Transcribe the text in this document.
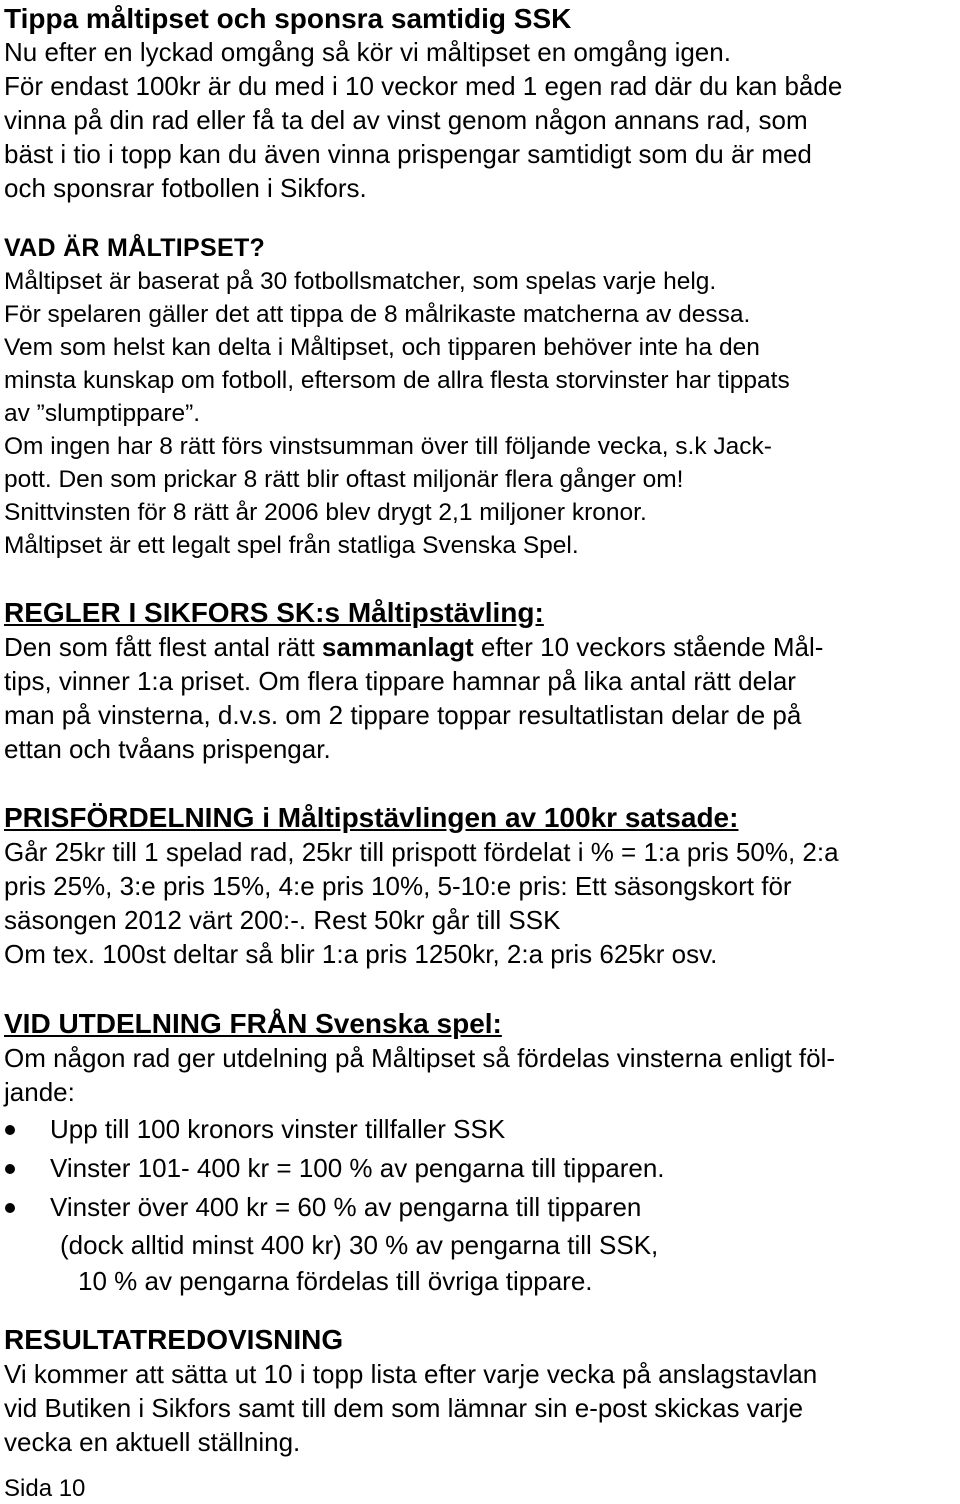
Tippa måltipset och sponsra samtidig SSK
Nu efter en lyckad omgång så kör vi måltipset en omgång igen.
För endast 100kr är du med i 10 veckor med 1 egen rad där du kan både
vinna på din rad eller få ta del av vinst genom någon annans rad, som
bäst i tio i topp kan du även vinna prispengar samtidigt som du är med
och sponsrar fotbollen i Sikfors.
VAD ÄR MÅLTIPSET?
Måltipset är baserat på 30 fotbollsmatcher, som spelas varje helg.
För spelaren gäller det att tippa de 8 målrikaste matcherna av dessa.
Vem som helst kan delta i Måltipset, och tipparen behöver inte ha den
minsta kunskap om fotboll, eftersom de allra flesta storvinster har tippats
av ”slumptippare”.
Om ingen har 8 rätt förs vinstsumman över till följande vecka, s.k Jack-
pott. Den som prickar 8 rätt blir oftast miljonär flera gånger om!
Snittvinsten för 8 rätt år 2006 blev drygt 2,1 miljoner kronor.
Måltipset är ett legalt spel från statliga Svenska Spel.
REGLER I SIKFORS SK:s Måltipstävling:
Den som fått flest antal rätt sammanlagt efter 10 veckors stående Mål-
tips, vinner 1:a priset. Om flera tippare hamnar på lika antal rätt delar
man på vinsterna, d.v.s. om 2 tippare toppar resultatlistan delar de på
ettan och tvåans prispengar.
PRISFÖRDELNING i Måltipstävlingen av 100kr satsade:
Går 25kr till 1 spelad rad, 25kr till prispott fördelat i % = 1:a pris 50%, 2:a
pris 25%, 3:e pris 15%, 4:e pris 10%, 5-10:e pris: Ett säsongskort för
säsongen 2012 värt 200:-. Rest 50kr går till SSK
Om tex. 100st deltar så blir 1:a pris 1250kr, 2:a pris 625kr osv.
VID UTDELNING FRÅN Svenska spel:
Om någon rad ger utdelning på Måltipset så fördelas vinsterna enligt föl-
jande:
Upp till 100 kronors vinster tillfaller SSK
Vinster 101- 400 kr = 100 % av pengarna till tipparen.
Vinster över 400 kr = 60 % av pengarna till tipparen
(dock alltid minst 400 kr) 30 % av pengarna till SSK,
10 % av pengarna fördelas till övriga tippare.
RESULTATREDOVISNING
Vi kommer att sätta ut 10 i topp lista efter varje vecka på anslagstavlan
vid Butiken i Sikfors samt till dem som lämnar sin e-post skickas varje
vecka en aktuell ställning.
Sida 10
